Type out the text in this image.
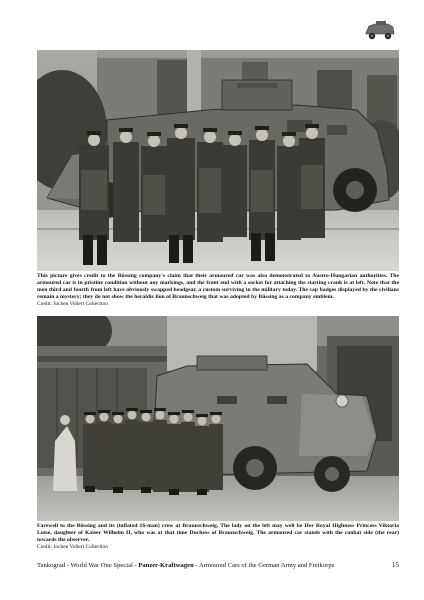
This picture gives credit to the Büssing company's claim that their armoured car was also demonstrated to Austro-Hungarian authorities. The armoured car is in pristine condition without any markings, and the front end with a socket for attaching the starting crank is at left. Note that the men third and fourth from left have obviously swapped headgear, a custom surviving in the military today. The cap badges displayed by the civilians remain a mystery; they do not show the heraldic lion of Braunschweig that was adopted by Büssing as a company emblem.
Credit: Jochen Vollert Collection
Farewell to the Büssing and its (inflated 16-man) crew at Braunschweig. The lady on the left may well be Her Royal Highness Princess Viktoria Luise, daughter of Kaiser Wilhelm II, who was at that time Duchess of Braunschweig. The armoured car stands with the conbat side (the rear) towards the observer.
Credit: Jochen Vollert Collection
Tankograd - World War One Special - Panzer-Kraftwagen - Armoured Cars of the German Army and Freikorps	15
